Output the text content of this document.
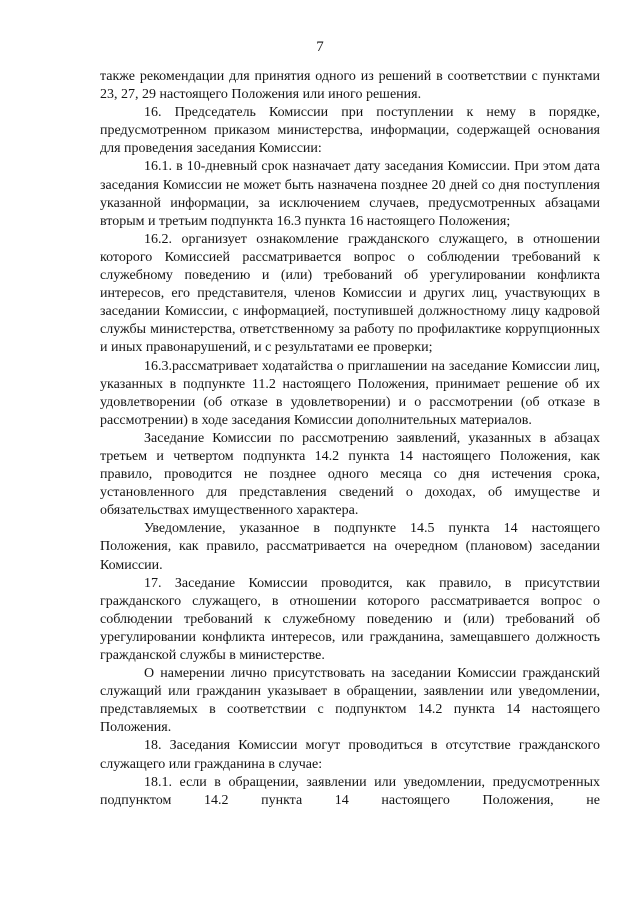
7

также рекомендации для принятия одного из решений в соответствии с пунктами 23, 27, 29 настоящего Положения или иного решения.

16. Председатель Комиссии при поступлении к нему в порядке, предусмотренном приказом министерства, информации, содержащей основания для проведения заседания Комиссии:

16.1. в 10-дневный срок назначает дату заседания Комиссии. При этом дата заседания Комиссии не может быть назначена позднее 20 дней со дня поступления указанной информации, за исключением случаев, предусмотренных абзацами вторым и третьим подпункта 16.3 пункта 16 настоящего Положения;

16.2. организует ознакомление гражданского служащего, в отношении которого Комиссией рассматривается вопрос о соблюдении требований к служебному поведению и (или) требований об урегулировании конфликта интересов, его представителя, членов Комиссии и других лиц, участвующих в заседании Комиссии, с информацией, поступившей должностному лицу кадровой службы министерства, ответственному за работу по профилактике коррупционных и иных правонарушений, и с результатами ее проверки;

16.3.рассматривает ходатайства о приглашении на заседание Комиссии лиц, указанных в подпункте 11.2 настоящего Положения, принимает решение об их удовлетворении (об отказе в удовлетворении) и о рассмотрении (об отказе в рассмотрении) в ходе заседания Комиссии дополнительных материалов.

Заседание Комиссии по рассмотрению заявлений, указанных в абзацах третьем и четвертом подпункта 14.2 пункта 14 настоящего Положения, как правило, проводится не позднее одного месяца со дня истечения срока, установленного для представления сведений о доходах, об имуществе и обязательствах имущественного характера.

Уведомление, указанное в подпункте 14.5 пункта 14 настоящего Положения, как правило, рассматривается на очередном (плановом) заседании Комиссии.

17. Заседание Комиссии проводится, как правило, в присутствии гражданского служащего, в отношении которого рассматривается вопрос о соблюдении требований к служебному поведению и (или) требований об урегулировании конфликта интересов, или гражданина, замещавшего должность гражданской службы в министерстве.

О намерении лично присутствовать на заседании Комиссии гражданский служащий или гражданин указывает в обращении, заявлении или уведомлении, представляемых в соответствии с подпунктом 14.2 пункта 14 настоящего Положения.

18. Заседания Комиссии могут проводиться в отсутствие гражданского служащего или гражданина в случае:

18.1. если в обращении, заявлении или уведомлении, предусмотренных подпунктом 14.2 пункта 14 настоящего Положения, не
